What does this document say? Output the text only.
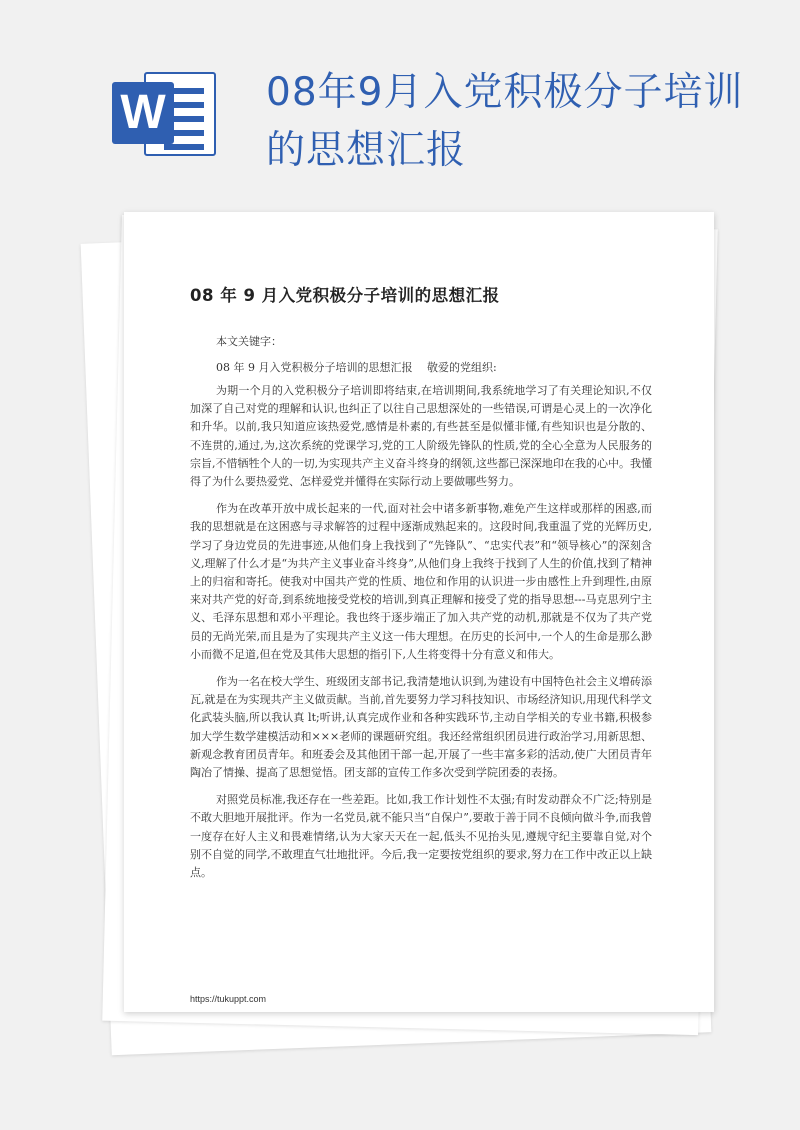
W	08年9月入党积极分子培训的思想汇报
08 年 9 月入党积极分子培训的思想汇报
本文关键字：
08 年 9 月入党积极分子培训的思想汇报　 敬爱的党组织:

为期一个月的入党积极分子培训即将结束,在培训期间,我系统地学习了有关理论知识,不仅加深了自己对党的理解和认识,也纠正了以往自己思想深处的一些错误,可谓是心灵上的一次净化和升华。以前,我只知道应该热爱党,感情是朴素的,有些甚至是似懂非懂,有些知识也是分散的、不连贯的,通过,为,这次系统的党课学习,党的工人阶级先锋队的性质,党的全心全意为人民服务的宗旨,不惜牺牲个人的一切,为实现共产主义奋斗终身的纲领,这些都已深深地印在我的心中。我懂得了为什么要热爱党、怎样爱党并懂得在实际行动上要做哪些努力。

作为在改革开放中成长起来的一代,面对社会中诸多新事物,难免产生这样或那样的困惑,而我的思想就是在这困惑与寻求解答的过程中逐渐成熟起来的。这段时间,我重温了党的光辉历史,学习了身边党员的先进事迹,从他们身上我找到了“先锋队”、“忠实代表”和“领导核心”的深刻含义,理解了什么才是“为共产主义事业奋斗终身”,从他们身上我终于找到了人生的价值,找到了精神上的归宿和寄托。使我对中国共产党的性质、地位和作用的认识进一步由感性上升到理性,由原来对共产党的好奇,到系统地接受党校的培训,到真正理解和接受了党的指导思想---马克思列宁主义、毛泽东思想和邓小平理论。我也终于逐步端正了加入共产党的动机,那就是不仅为了共产党员的无尚光荣,而且是为了实现共产主义这一伟大理想。在历史的长河中,一个人的生命是那么渺小而微不足道,但在党及其伟大思想的指引下,人生将变得十分有意义和伟大。

作为一名在校大学生、班级团支部书记,我清楚地认识到,为建设有中国特色社会主义增砖添瓦,就是在为实现共产主义做贡献。当前,首先要努力学习科技知识、市场经济知识,用现代科学文化武装头脑,所以我认真 lt;听讲,认真完成作业和各种实践环节,主动自学相关的专业书籍,积极参加大学生数学建模活动和×××老师的课题研究组。我还经常组织团员进行政治学习,用新思想、新观念教育团员青年。和班委会及其他团干部一起,开展了一些丰富多彩的活动,使广大团员青年陶冶了情操、提高了思想觉悟。团支部的宣传工作多次受到学院团委的表扬。

对照党员标准,我还存在一些差距。比如,我工作计划性不太强;有时发动群众不广泛;特别是不敢大胆地开展批评。作为一名党员,就不能只当“自保户”,要敢于善于同不良倾向做斗争,而我曾一度存在好人主义和畏难情绪,认为大家天天在一起,低头不见抬头见,遵规守纪主要靠自觉,对个别不自觉的同学,不敢理直气壮地批评。今后,我一定要按党组织的要求,努力在工作中改正以上缺点。

https://tukuppt.com
